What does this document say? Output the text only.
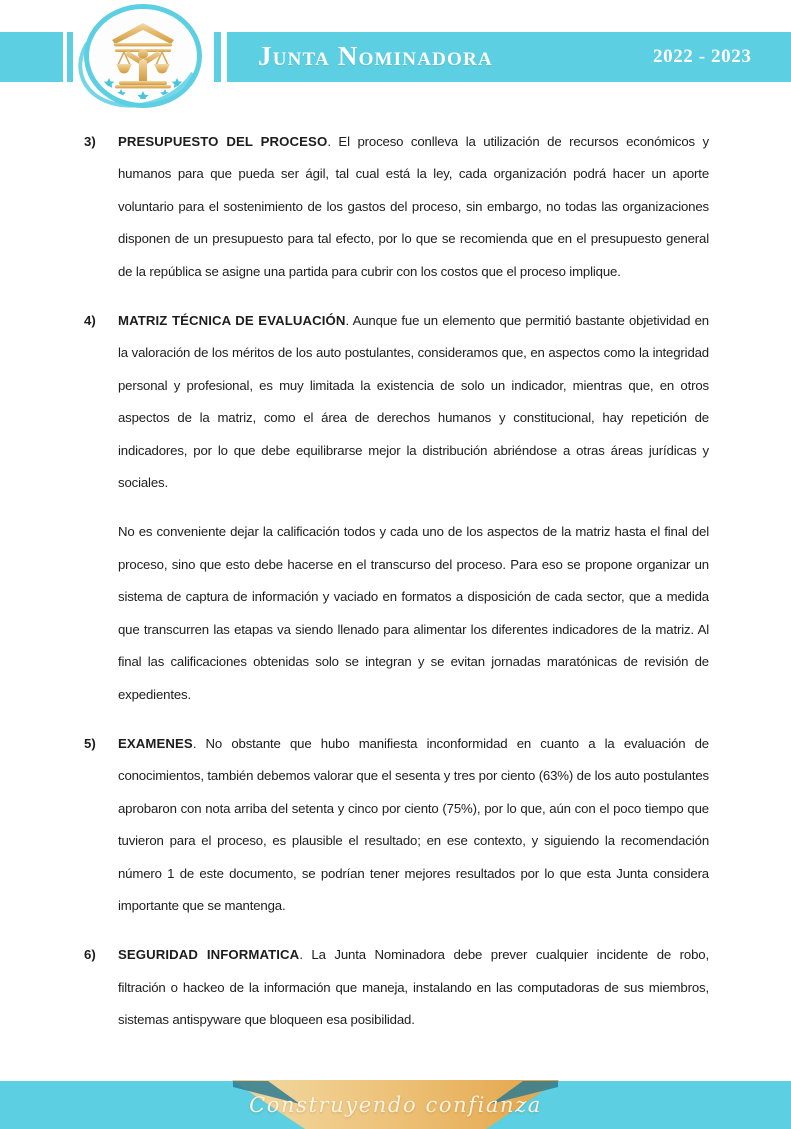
Junta Nominadora	2022 - 2023
3) PRESUPUESTO DEL PROCESO. El proceso conlleva la utilización de recursos económicos y humanos para que pueda ser ágil, tal cual está la ley, cada organización podrá hacer un aporte voluntario para el sostenimiento de los gastos del proceso, sin embargo, no todas las organizaciones disponen de un presupuesto para tal efecto, por lo que se recomienda que en el presupuesto general de la república se asigne una partida para cubrir con los costos que el proceso implique.

4) MATRIZ TÉCNICA DE EVALUACIÓN. Aunque fue un elemento que permitió bastante objetividad en la valoración de los méritos de los auto postulantes, consideramos que, en aspectos como la integridad personal y profesional, es muy limitada la existencia de solo un indicador, mientras que, en otros aspectos de la matriz, como el área de derechos humanos y constitucional, hay repetición de indicadores, por lo que debe equilibrarse mejor la distribución abriéndose a otras áreas jurídicas y sociales.

No es conveniente dejar la calificación todos y cada uno de los aspectos de la matriz hasta el final del proceso, sino que esto debe hacerse en el transcurso del proceso. Para eso se propone organizar un sistema de captura de información y vaciado en formatos a disposición de cada sector, que a medida que transcurren las etapas va siendo llenado para alimentar los diferentes indicadores de la matriz. Al final las calificaciones obtenidas solo se integran y se evitan jornadas maratónicas de revisión de expedientes.

5) EXAMENES. No obstante que hubo manifiesta inconformidad en cuanto a la evaluación de conocimientos, también debemos valorar que el sesenta y tres por ciento (63%) de los auto postulantes aprobaron con nota arriba del setenta y cinco por ciento (75%), por lo que, aún con el poco tiempo que tuvieron para el proceso, es plausible el resultado; en ese contexto, y siguiendo la recomendación número 1 de este documento, se podrían tener mejores resultados por lo que esta Junta considera importante que se mantenga.

6) SEGURIDAD INFORMATICA. La Junta Nominadora debe prever cualquier incidente de robo, filtración o hackeo de la información que maneja, instalando en las computadoras de sus miembros, sistemas antispyware que bloqueen esa posibilidad.

Construyendo confianza
